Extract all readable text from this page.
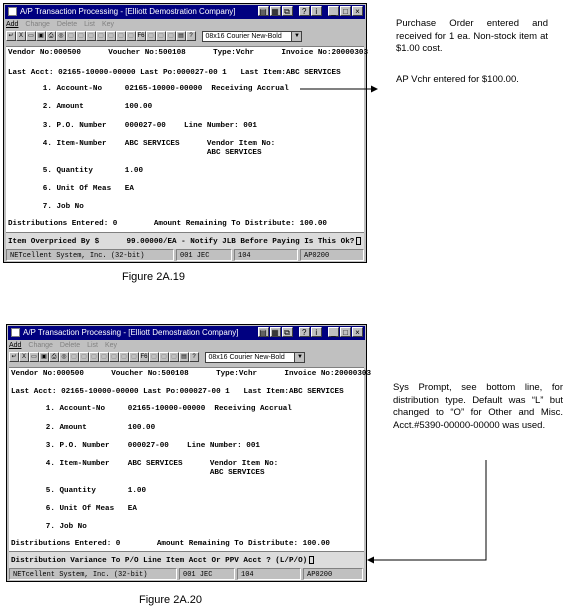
A/P Transaction Processing - [Elliott Demostration Company]	▤ ▦ ⧉ ? i _ □ ×
Add Change Delete List Key
↵ X ▭ ▣ ⎙ ◎ ▢ ▢ ▢ ▢ ▢ ▢ ▢ F6 ▢ ▢ ▢ ▤ ? 08x16 Courier New-Bold	▼
Vendor No:000500      Voucher No:500108      Type:Vchr      Invoice No:20000303
Last Acct: 02165-10000-00000 Last Po:000027-00 1   Last Item:ABC SERVICES
1. Account-No     02165-10000-00000  Receiving Accrual
2. Amount         100.00
3. P.O. Number    000027-00    Line Number: 001
4. Item-Number    ABC SERVICES      Vendor Item No:
ABC SERVICES
5. Quantity       1.00
6. Unit Of Meas   EA
7. Job No
Distributions Entered: 0        Amount Remaining To Distribute: 100.00
Item Overpriced By $      99.00000/EA - Notify JLB Before Paying Is This Ok?
NETcellent System, Inc. (32-bit)	001 JEC	104	AP0200
A/P Transaction Processing - [Elliott Demostration Company]	▤ ▦ ⧉ ? i _ □ ×
Add Change Delete List Key
↵ X ▭ ▣ ⎙ ◎ ▢ ▢ ▢ ▢ ▢ ▢ ▢ F6 ▢ ▢ ▢ ▤ ? 08x16 Courier New-Bold	▼
Vendor No:000500      Voucher No:500108      Type:Vchr      Invoice No:20000303
Last Acct: 02165-10000-00000 Last Po:000027-00 1   Last Item:ABC SERVICES
1. Account-No     02165-10000-00000  Receiving Accrual
2. Amount         100.00
3. P.O. Number    000027-00    Line Number: 001
4. Item-Number    ABC SERVICES      Vendor Item No:
ABC SERVICES
5. Quantity       1.00
6. Unit Of Meas   EA
7. Job No
Distributions Entered: 0        Amount Remaining To Distribute: 100.00
Distribution Variance To P/O Line Item Acct Or PPV Acct ? (L/P/O)
NETcellent System, Inc. (32-bit)	001 JEC	104	AP0200
Purchase Order entered and received for 1 ea. Non-stock item at $1.00 cost.
AP Vchr entered for $100.00.
Sys Prompt, see bottom line, for distribution type. Default was “L” but changed to “O” for Other and Misc. Acct.#5390-00000-00000 was used.
Figure 2A.19
Figure 2A.20
